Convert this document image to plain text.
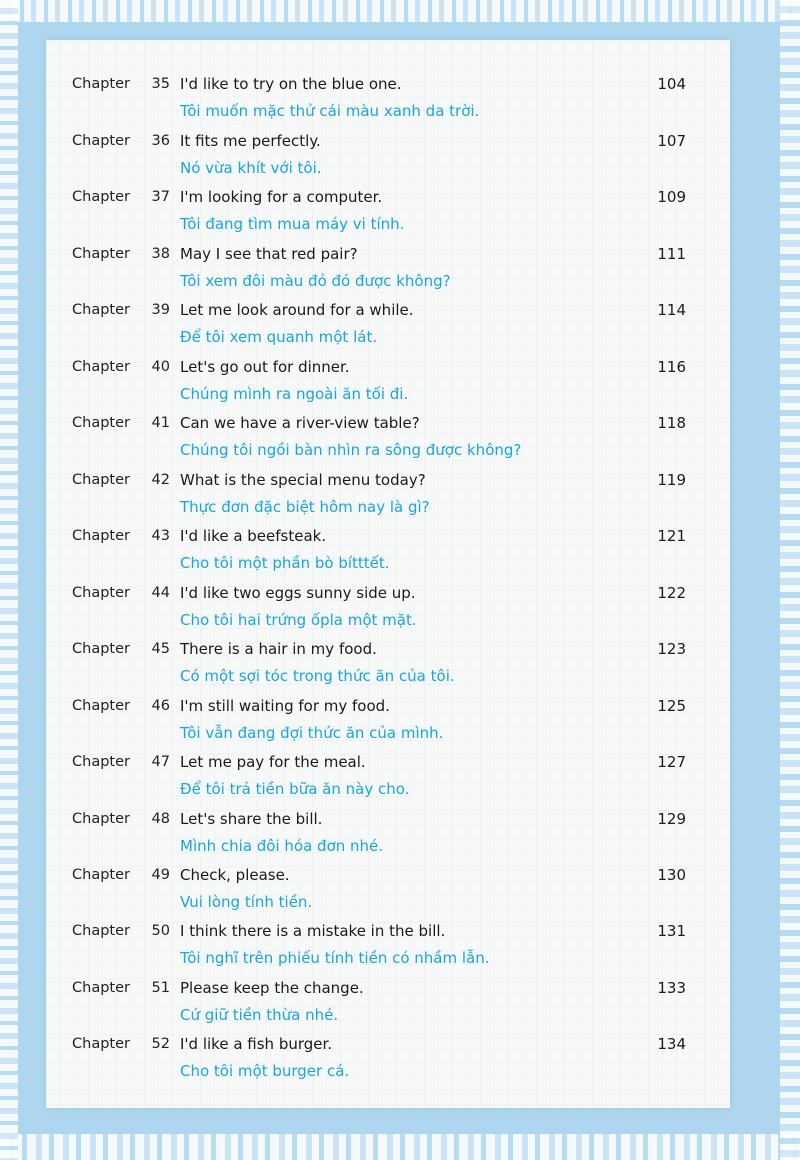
Chapter	35 I'd like to try on the blue one.	104
Tôi muốn mặc thử cái màu xanh da trời.
Chapter	36 It fits me perfectly.	107
Nó vừa khít với tôi.
Chapter	37 I'm looking for a computer.	109
Tôi đang tìm mua máy vi tính.
Chapter	38 May I see that red pair?	111
Tôi xem đôi màu đỏ đó được không?
Chapter	39 Let me look around for a while.	114
Để tôi xem quanh một lát.
Chapter	40 Let's go out for dinner.	116
Chúng mình ra ngoài ăn tối đi.
Chapter	41 Can we have a river-view table?	118
Chúng tôi ngồi bàn nhìn ra sông được không?
Chapter	42 What is the special menu today?	119
Thực đơn đặc biệt hôm nay là gì?
Chapter	43 I'd like a beefsteak.	121
Cho tôi một phần bò bítttết.
Chapter	44 I'd like two eggs sunny side up.	122
Cho tôi hai trứng ốpla một mặt.
Chapter	45 There is a hair in my food.	123
Có một sợi tóc trong thức ăn của tôi.
Chapter	46 I'm still waiting for my food.	125
Tôi vẫn đang đợi thức ăn của mình.
Chapter	47 Let me pay for the meal.	127
Để tôi trả tiền bữa ăn này cho.
Chapter	48 Let's share the bill.	129
Mình chia đôi hóa đơn nhé.
Chapter	49 Check, please.	130
Vui lòng tính tiền.
Chapter	50 I think there is a mistake in the bill.	131
Tôi nghĩ trên phiếu tính tiền có nhầm lẫn.
Chapter	51 Please keep the change.	133
Cứ giữ tiền thừa nhé.
Chapter	52 I'd like a fish burger.	134
Cho tôi một burger cá.
